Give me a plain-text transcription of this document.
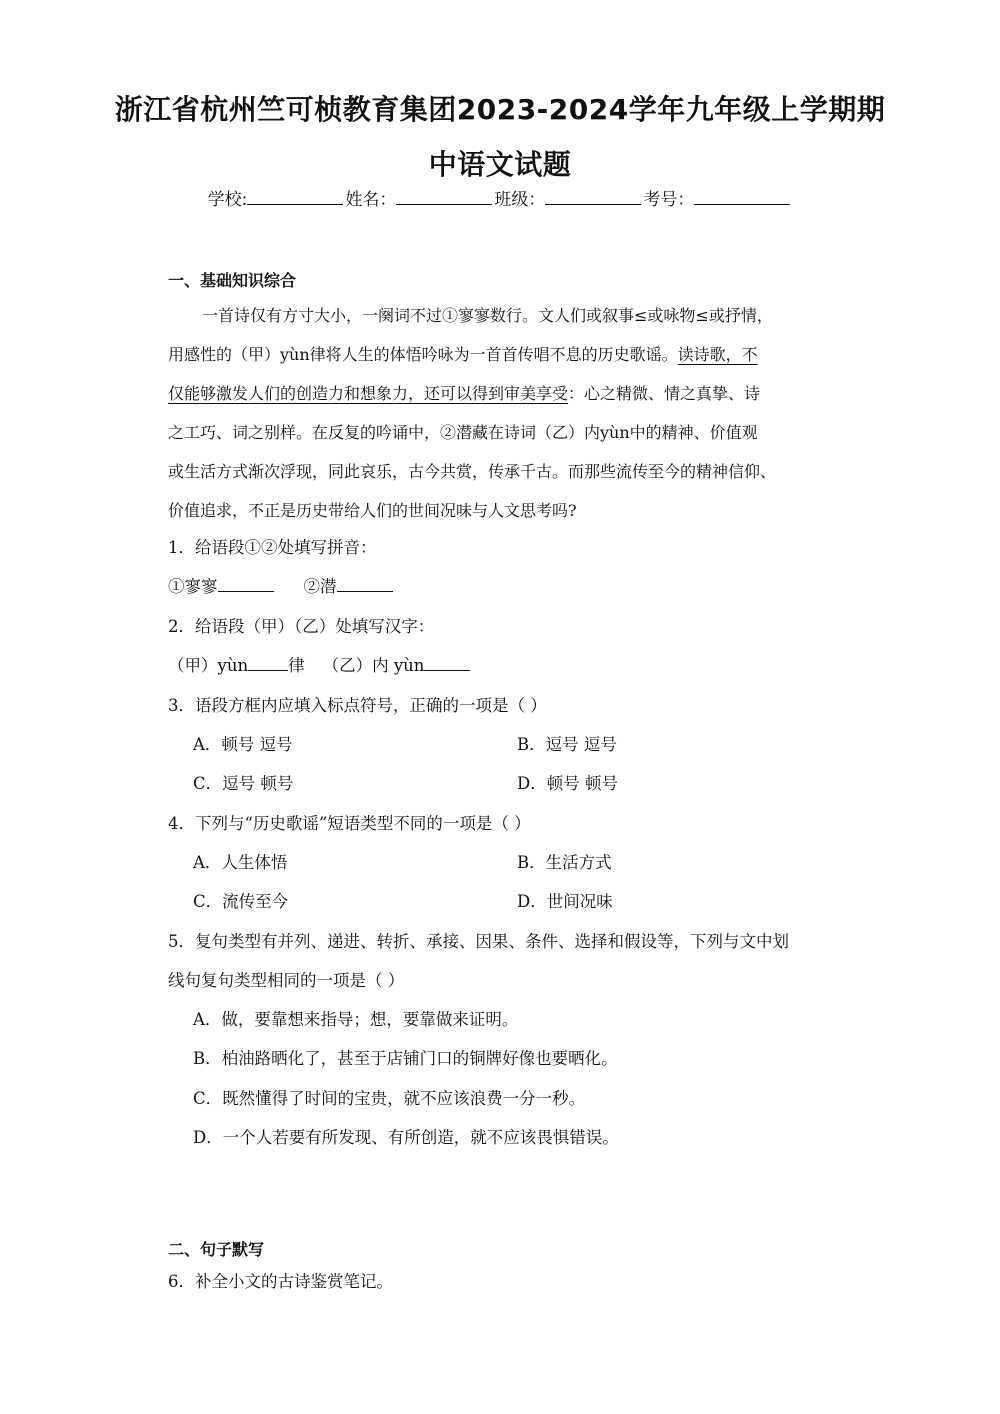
浙江省杭州竺可桢教育集团2023-2024学年九年级上学期期
中语文试题
学校:	姓名：	班级：	考号：
一、基础知识综合

一首诗仅有方寸大小，一阕词不过①寥寥数行。文人们或叙事≤或咏物≤或抒情，

用感性的（甲）yùn律将人生的体悟吟咏为一首首传唱不息的历史歌谣。读诗歌，不

仅能够激发人们的创造力和想象力，还可以得到审美享受：心之精微、情之真挚、诗

之工巧、词之别样。在反复的吟诵中，②潜藏在诗词（乙）内yùn中的精神、价值观

或生活方式渐次浮现，同此哀乐，古今共赏，传承千古。而那些流传至今的精神信仰、

价值追求，不正是历史带给人们的世间况味与人文思考吗?

1．给语段①②处填写拼音：
①寥寥	②潜
2．给语段（甲）（乙）处填写汉字：
（甲）yùn 律 （乙）内 yùn
3．语段方框内应填入标点符号，正确的一项是（ ）
A．顿号 逗号	B．逗号 逗号
C．逗号 顿号	D．顿号 顿号
4．下列与“历史歌谣”短语类型不同的一项是（ ）
A．人生体悟	B．生活方式
C．流传至今	D．世间况味
5．复句类型有并列、递进、转折、承接、因果、条件、选择和假设等，下列与文中划
线句复句类型相同的一项是（ ）
A．做，要靠想来指导；想，要靠做来证明。
B．柏油路晒化了，甚至于店铺门口的铜牌好像也要晒化。
C．既然懂得了时间的宝贵，就不应该浪费一分一秒。
D．一个人若要有所发现、有所创造，就不应该畏惧错误。
二、句子默写
6．补全小文的古诗鉴赏笔记。
